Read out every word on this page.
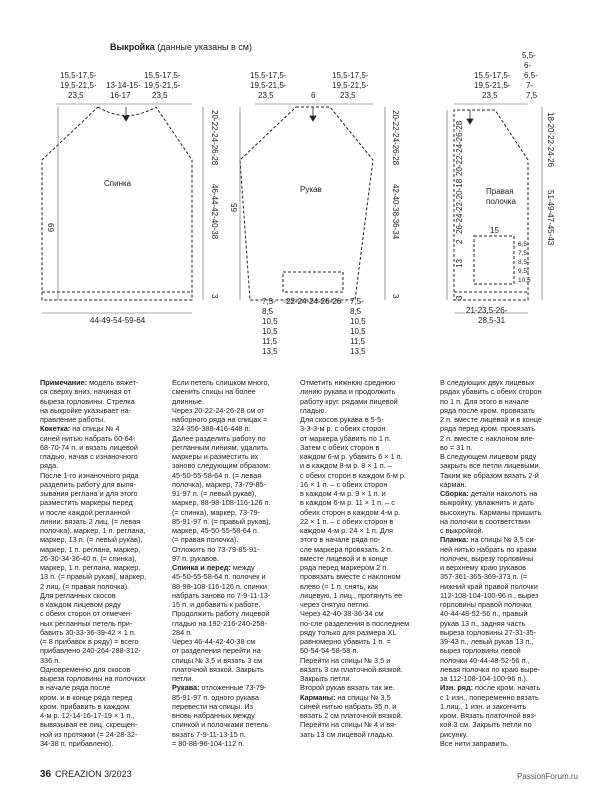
Выкройка (данные указаны в см)
15,5-17,5-
19,5-21,5-
23,5
13-14-15-
16-17
15,5-17,5-
19,5-21,5-
23,5
Спинка
20-22-24-26-28
46-44-42-40-38
3
69
44-49-54-59-64
15,5-17,5-
19,5-21,5-
23,5	6
15,5-17,5-
19,5-21,5-
23,5
Рукав
20-22-24-26-28
42-40-38-36-34
3
65
22-24-24-26-26
7,5-
8,5
10,5
10,5
11,5
13,5
7,5-
8,5
10,5
10,5
11,5
13,5
15,5-17,5-
19,5-21,5-
23,5
5,5-
6-
6,5-
7-
7,5
Правая
полочка
18-20-22-24-26
51-49-47-45-43
20-22-24-26-28
26-24-22-20-18
2
13
3
15
6,5-
7,5-
8,5-
9,5-
10,5
21-23,5-26-
28,5-31
Примечание: модель вяжет-
ся сверху вниз, начиная от
выреза горловины. Стрелка
на выкройке указывает на-
правление работы.
Кокетка: на спицы № 4
синей нитью набрать 60-64-
68-70-74 п. и вязать лицевой
гладью, начав с изнаночного
ряда.
После 1-го изнаночного ряда
разделить работу для выпя-
зывания реглана и для этого
разместить маркеры перед
и после каждой регланной
линии: вязать 2 лиц. (= левая
полочка), маркер, 1 п. реглана,
маркер, 13 п. (= левый рукав),
маркер, 1 п. реглана, маркер,
26-30-34-36-40 п. (= спинка),
маркер, 1 п. реглана, маркер,
13 п. (= правый рукав), маркер,
2 лиц. (= правая полочка).
Для регланных скосов
в каждом лицевом ряду
с обеих сторон от отмечен-
ных регланных петель при-
бавить 30-33-36-39-42 × 1 п.
(= 8 прибавок в ряду) = всего
прибавлено 240-264-288-312-
336 п.
Одновременно для скосов
выреза горловины на полочках
в начале ряда после
кром. и в конце ряда перед
кром. прибавить в каждом
4-м р. 12-14-16-17-19 × 1 п.,
вывязывая ее лиц. скрещен-
ной из протяжки (= 24-28-32-
34-38 п. прибавлено).
Если петель слишком много,
сменить спицы на более
длинные.
Через 20-22-24-26-28 см от
наборного ряда на спицах =
324-356-388-416-448 п.
Далее разделить работу по
регланным линиям, удалить
маркеры и разместить их
заново следующим образом:
45-50-55-58-64 п. (= левая
полочка), маркер, 73-79-85-
91-97 п. (= левый рукав),
маркер, 88-98-108-116-126 п.
(= спинка), маркер, 73-79-
85-91-97 п. (= правый рукав),
маркер, 45-50-55-58-64 п.
(= правая полочка).
Отложить по 73-79-85-91-
97 п. рукавов.
Спинка и перед: между
45-50-55-58-64 п. полочек и
88-98-108-116-126 п. спинки
набрать заново по 7-9-11-13-
15 п. и добавить к работе.
Продолжить работу лицевой
гладью на 192-216-240-258-
284 п.
Через 46-44-42-40-38 см
от разделения перейти на
спицы № 3,5 и вязать 3 см
платочной вязкой. Закрыть
петли.
Рукава: отложенные 73-79-
85-91-97 п. одного рукава
перевести на спицы. Из
вновь набранных между
спинкой и полочками петель
вязать 7-9-11-13-15 п.
= 80-88-96-104-112 п.
Отметить нижнюю среднюю
линию рукава и продолжить
работу круг. рядами лицевой
гладью.
Для скосов рукава в 5-5-
3-3-3-м р. с обеих сторон
от маркера убавить по 1 п.
Затем с обеих сторон в
каждом 6-м р. убавить 6 × 1 п.
и в каждом 8-м р. 8 × 1 п. –
с обеих сторон в каждом 6-м р.
16 × 1 п. – с обеих сторон
в каждом 4-м р. 9 × 1 п. и
в каждом 6-м р. 11 × 1 п. – с
обеих сторон в каждом 4-м р.
22 × 1 п. – с обеих сторон в
каждом 4-м р. 24 × 1 п. Для
этого в начале ряда по-
сле маркера провязать 2 п.
вместе лицевой и в конце
ряда перед маркером 2 п.
провязать вместе с наклоном
влево (= 1 п. снять, как
лицевую, 1 лиц., протянуть ее
через снятую петлю.
Через 42-40-38-36-34 см
по-сле разделения в последнем
ряду только для размера XL
равномерно убавить 1 п. =
50-54-54-58-58 п.
Перейти на спицы № 3,5 и
вязать 3 см платочной вязкой.
Закрыть петли.
Второй рукав вязать так же.
Карманы: на спицы № 3,5
синей нитью набрать 35 п. и
вязать 2 см платочной вязкой.
Перейти на спицы № 4 и вя-
зать 13 см лицевой гладью.
В следующих двух лицевых
рядах убавить с обеих сторон
по 1 п. Для этого в начале
ряда после кром. провязать
2 п. вместе лицевой и в конце
ряда перед кром. провязать
2 п. вместе с наклоном вле-
во = 31 п.
В следующем лицевом ряду
закрыть все петли лицевыми.
Таким же образом вязать 2-й
карман.
Сборка: детали наколоть на
выкройку, увлажнить и дать
высохнуть. Карманы пришить
на полочки в соответствии
с выкройкой.
Планка: на спицы № 3,5 си-
ней нитью набрать по краям
полочек, вырезу горловины
и верхнему краю рукавов
357-361-365-369-373 п. (=
нижний край правой полочки
112-108-104-100-96 п., вырез
горловины правой полочки
40-44-48-52-56 п., правый
рукав 13 п., задняя часть
выреза горловины 27-31-35-
39-43 п., левый рукав 13 п.,
вырез горловины левой
полочки 40-44-48-52-56 п.,
левая полочка по краю выре-
за 112-108-104-100-96 п.).
Изн. ряд: после кром. начать
с 1 изн., попеременно вязать
1 лиц., 1 изн. и закончить
кром. Вязать платочной вяз-
кой 3 см. Закрыть петли по
рисунку.
Все нити заправить.
36 CREAZION 3/2023	PassionForum.ru
